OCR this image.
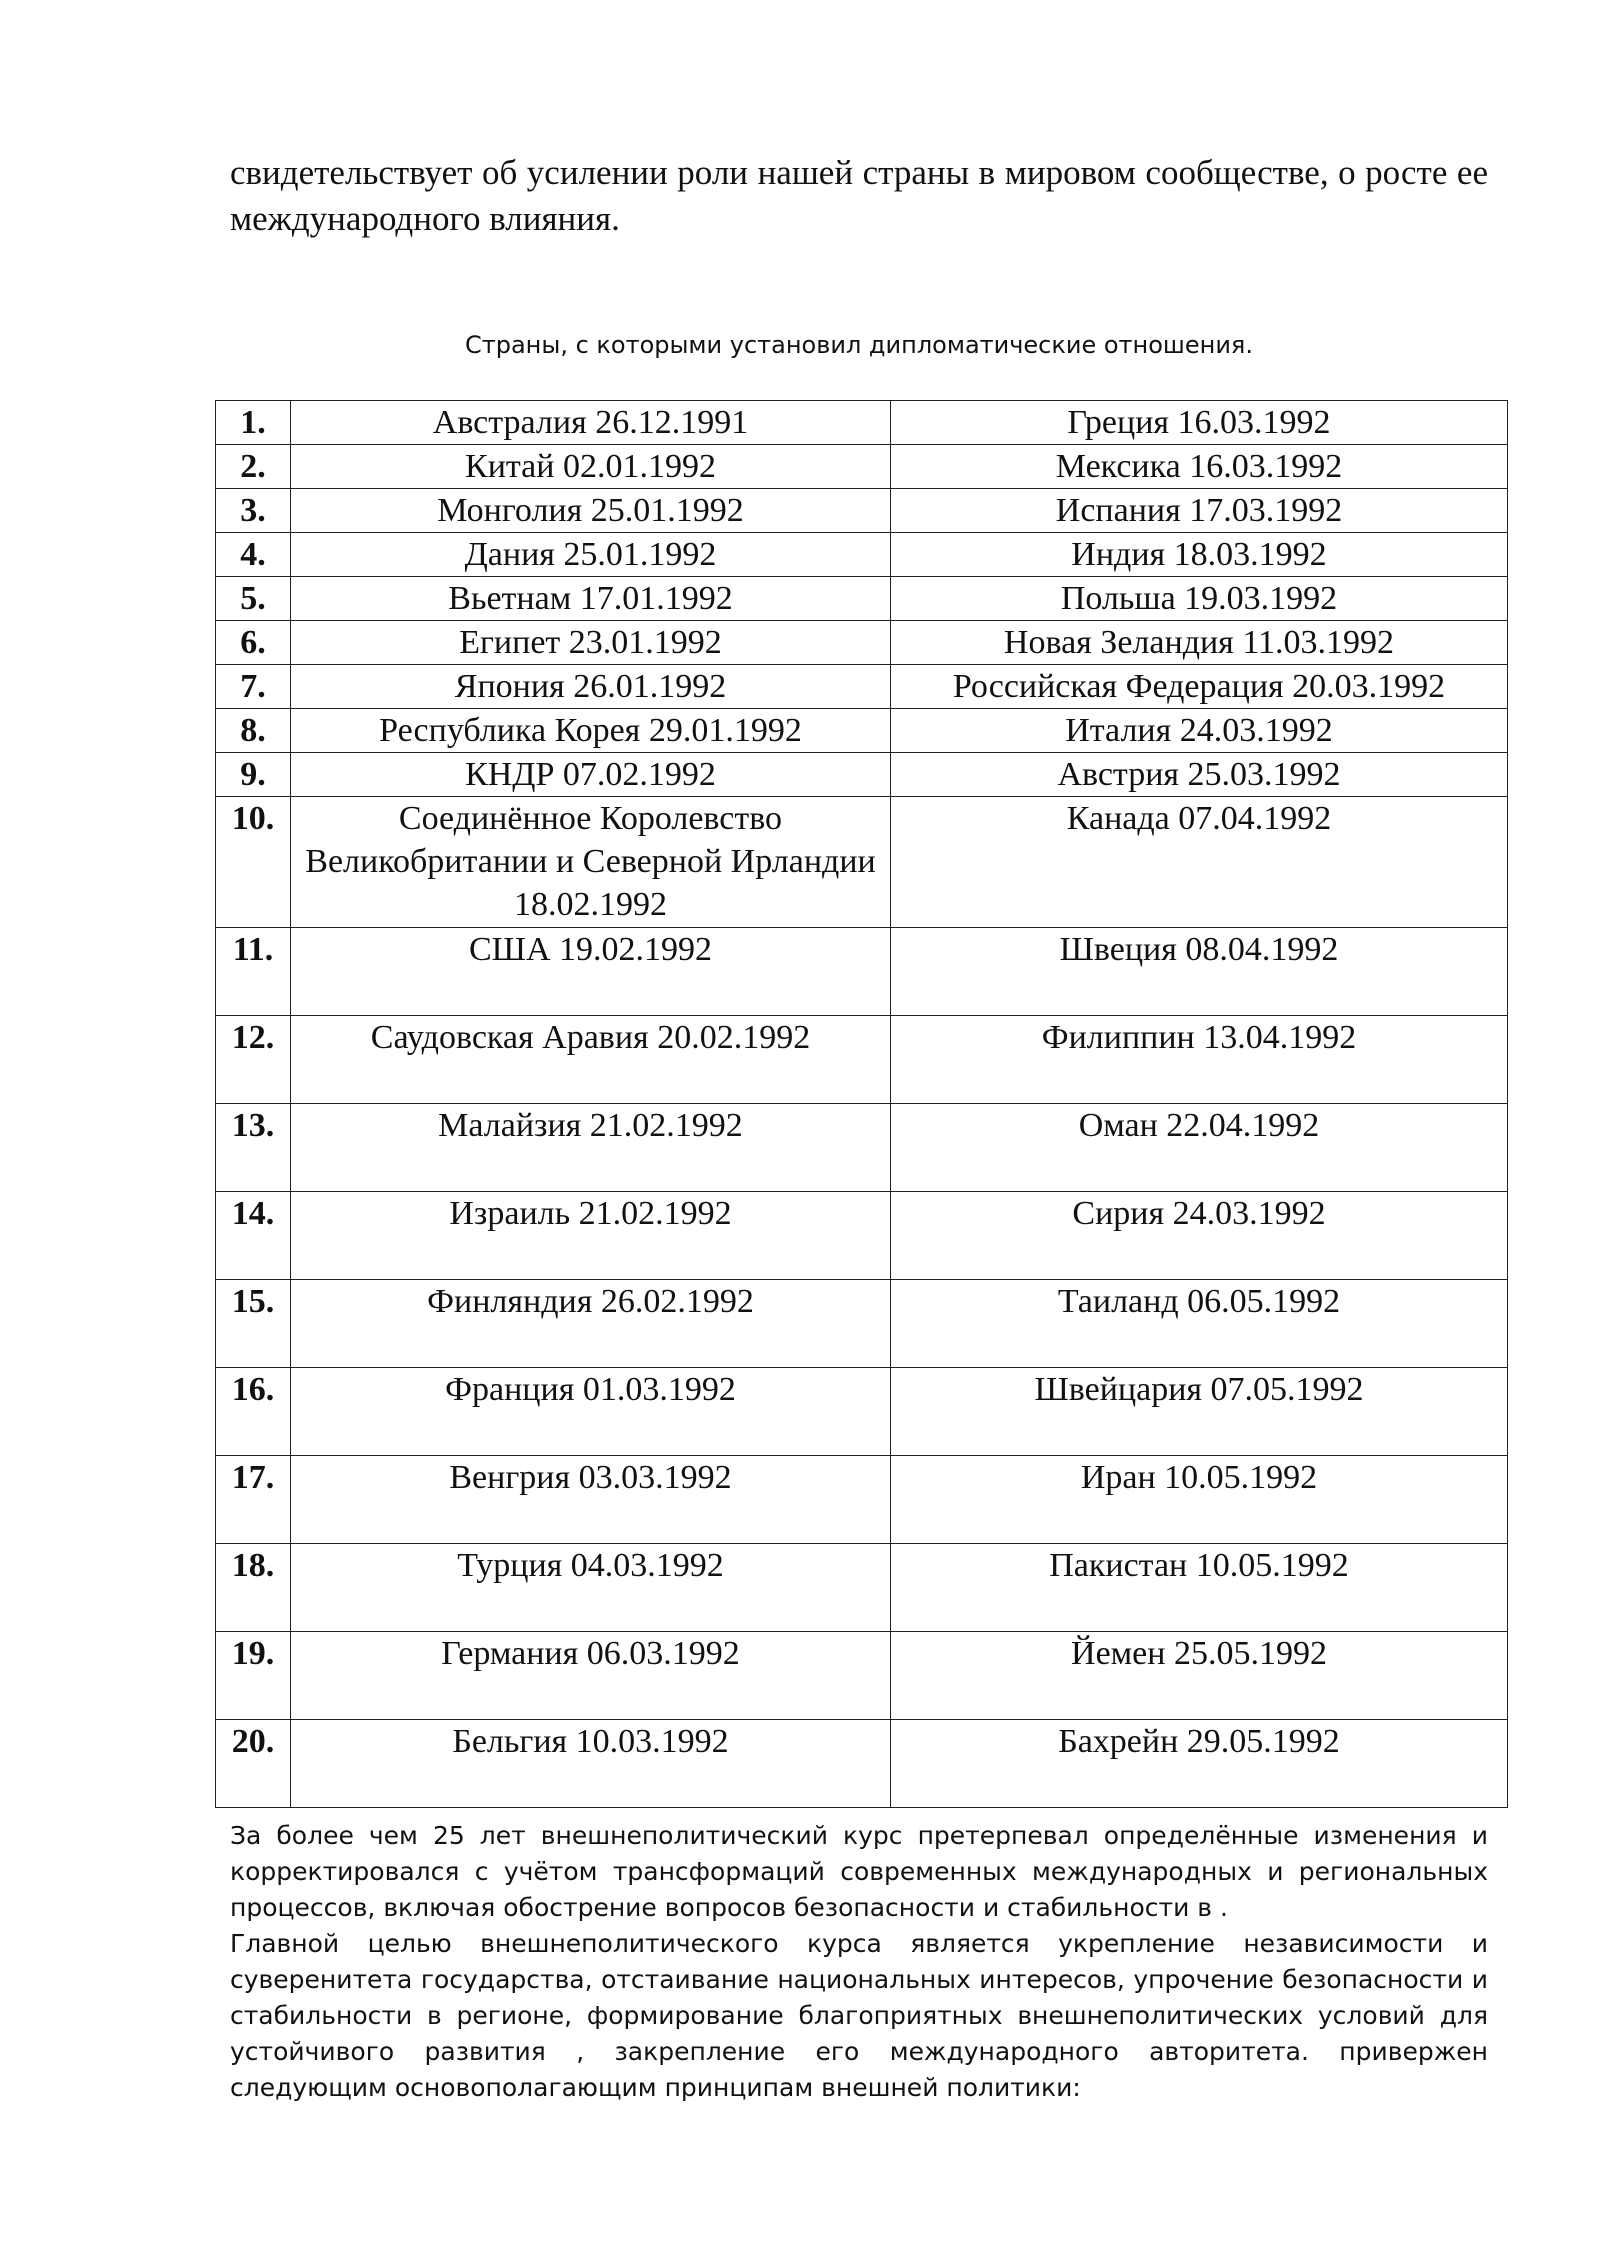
свидетельствует об усилении роли нашей страны в мировом сообществе, о росте ее международного влияния.

Страны, с которыми установил дипломатические отношения.

1.	Австралия 26.12.1991	Греция 16.03.1992
2.	Китай 02.01.1992	Мексика 16.03.1992
3.	Монголия 25.01.1992	Испания 17.03.1992
4.	Дания 25.01.1992	Индия 18.03.1992
5.	Вьетнам 17.01.1992	Польша 19.03.1992
6.	Египет 23.01.1992	Новая Зеландия 11.03.1992
7.	Япония 26.01.1992	Российская Федерация 20.03.1992
8.	Республика Корея 29.01.1992	Италия 24.03.1992
9.	КНДР 07.02.1992	Австрия 25.03.1992
10.	Соединённое Королевство Великобритании и Северной Ирландии 18.02.1992	Канада 07.04.1992
11.	США 19.02.1992	Швеция 08.04.1992
12.	Саудовская Аравия 20.02.1992	Филиппин 13.04.1992
13.	Малайзия 21.02.1992	Оман 22.04.1992
14.	Израиль 21.02.1992	Сирия 24.03.1992
15.	Финляндия 26.02.1992	Таиланд 06.05.1992
16.	Франция 01.03.1992	Швейцария 07.05.1992
17.	Венгрия 03.03.1992	Иран 10.05.1992
18.	Турция 04.03.1992	Пакистан 10.05.1992
19.	Германия 06.03.1992	Йемен 25.05.1992
20.	Бельгия 10.03.1992	Бахрейн 29.05.1992

За более чем 25 лет внешнеполитический курс претерпевал определённые изменения и корректировался с учётом трансформаций современных международных и региональных процессов, включая обострение вопросов безопасности и стабильности в .

Главной целью внешнеполитического курса является укрепление независимости и суверенитета государства, отстаивание национальных интересов, упрочение безопасности и стабильности в регионе, формирование благоприятных внешнеполитических условий для устойчивого развития , закрепление его международного авторитета. привержен следующим основополагающим принципам внешней политики:
